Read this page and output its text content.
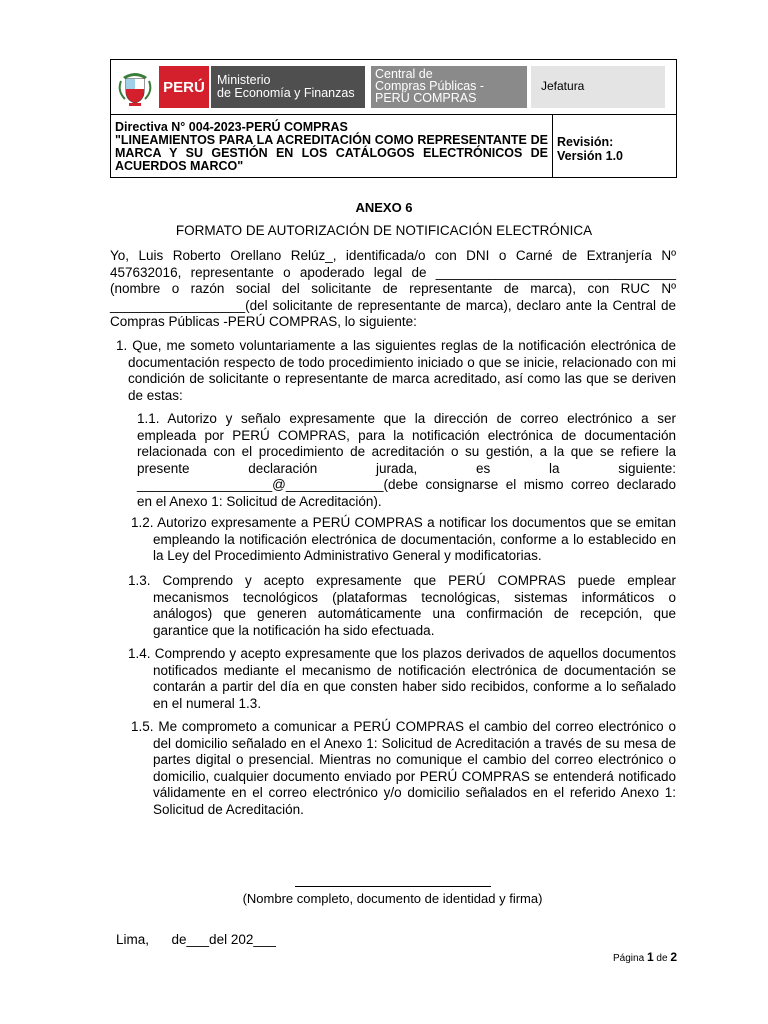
PERÚ Ministerio
de Economía y Finanzas
Central de
Compras Públicas -
PERÚ COMPRAS
Jefatura

Directiva N° 004-2023-PERÚ COMPRAS
"LINEAMIENTOS PARA LA ACREDITACIÓN COMO REPRESENTANTE DE MARCA Y SU GESTIÓN EN LOS CATÁLOGOS ELECTRÓNICOS DE ACUERDOS MARCO"

Revisión:
Versión 1.0
ANEXO 6
FORMATO DE AUTORIZACIÓN DE NOTIFICACIÓN ELECTRÓNICA
Yo, Luis Roberto Orellano Relúz_, identificada/o con DNI o Carné de Extranjería Nº 457632016, representante o apoderado legal de ________________________________ (nombre o razón social del solicitante de representante de marca), con RUC Nº __________________(del solicitante de representante de marca), declaro ante la Central de Compras Públicas -PERÚ COMPRAS, lo siguiente:
1. Que, me someto voluntariamente a las siguientes reglas de la notificación electrónica de documentación respecto de todo procedimiento iniciado o que se inicie, relacionado con mi condición de solicitante o representante de marca acreditado, así como las que se deriven de estas:
1.1. Autorizo y señalo expresamente que la dirección de correo electrónico a ser empleada por PERÚ COMPRAS, para la notificación electrónica de documentación relacionada con el procedimiento de acreditación o su gestión, a la que se refiere la presente declaración jurada, es la siguiente: __________________@_____________(debe consignarse el mismo correo declarado en el Anexo 1: Solicitud de Acreditación).
1.2. Autorizo expresamente a PERÚ COMPRAS a notificar los documentos que se emitan empleando la notificación electrónica de documentación, conforme a lo establecido en la Ley del Procedimiento Administrativo General y modificatorias.
1.3. Comprendo y acepto expresamente que PERÚ COMPRAS puede emplear mecanismos tecnológicos (plataformas tecnológicas, sistemas informáticos o análogos) que generen automáticamente una confirmación de recepción, que garantice que la notificación ha sido efectuada.
1.4. Comprendo y acepto expresamente que los plazos derivados de aquellos documentos notificados mediante el mecanismo de notificación electrónica de documentación se contarán a partir del día en que consten haber sido recibidos, conforme a lo señalado en el numeral 1.3.
1.5. Me comprometo a comunicar a PERÚ COMPRAS el cambio del correo electrónico o del domicilio señalado en el Anexo 1: Solicitud de Acreditación a través de su mesa de partes digital o presencial. Mientras no comunique el cambio del correo electrónico o domicilio, cualquier documento enviado por PERÚ COMPRAS se entenderá notificado válidamente en el correo electrónico y/o domicilio señalados en el referido Anexo 1: Solicitud de Acreditación.
(Nombre completo, documento de identidad y firma)
Lima,      de___del 202___
Página 1 de 2
